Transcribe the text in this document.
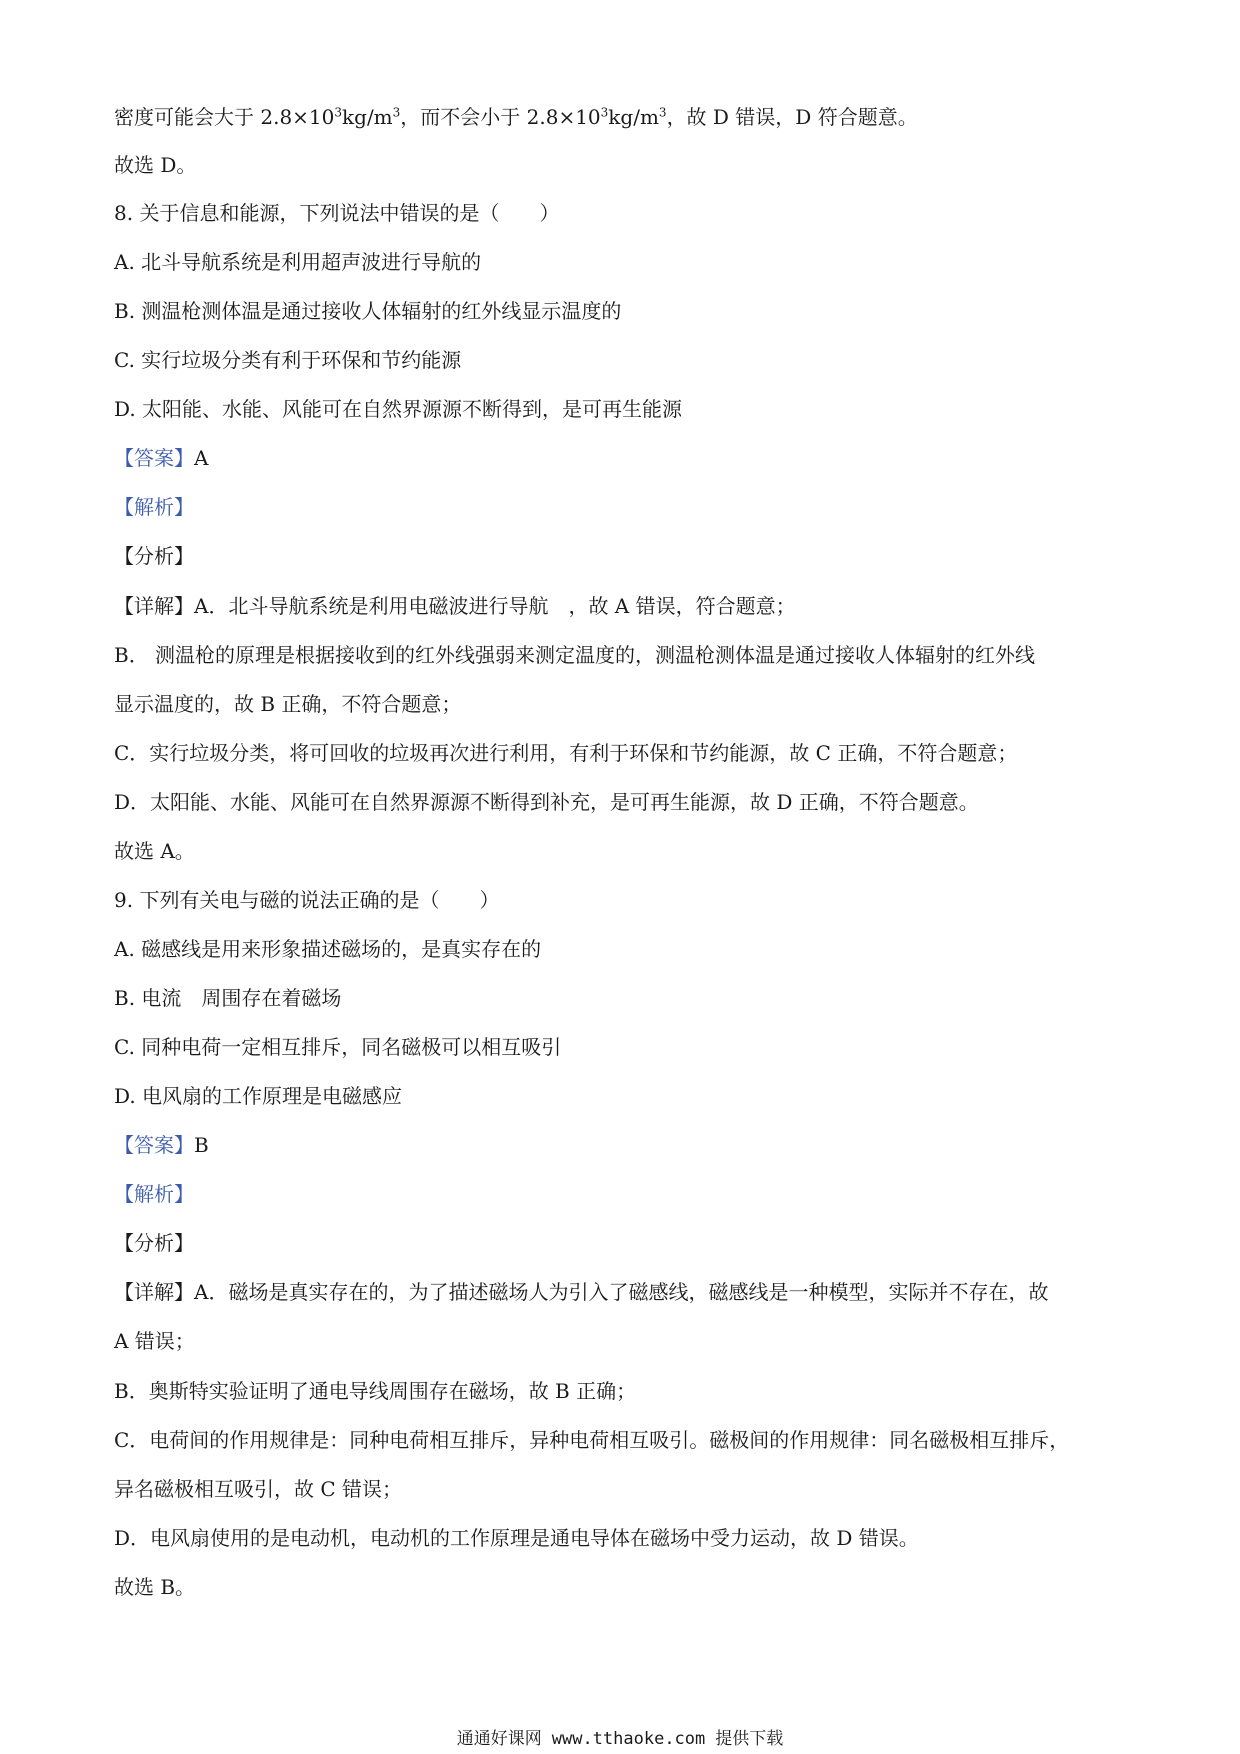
密度可能会大于 $2.8\times 10^3kg/m^3$，而不会小于 $2.8\times 10^3kg/m^3$，故 D 错误，D 符合题意。
故选 D。
8. 关于信息和能源，下列说法中错误的是（　　）
A. 北斗导航系统是利用超声波进行导航的
B. 测温枪测体温是通过接收人体辐射的红外线显示温度的
C. 实行垃圾分类有利于环保和节约能源
D. 太阳能、水能、风能可在自然界源源不断得到，是可再生能源
【答案】A
【解析】
【分析】
【详解】A．北斗导航系统是利用电磁波进行导航　，故 A 错误，符合题意；
B． 测温枪的原理是根据接收到的红外线强弱来测定温度的，测温枪测体温是通过接收人体辐射的红外线
显示温度的，故 B 正确，不符合题意；
C．实行垃圾分类，将可回收的垃圾再次进行利用，有利于环保和节约能源，故 C 正确，不符合题意；
D．太阳能、水能、风能可在自然界源源不断得到补充，是可再生能源，故 D 正确，不符合题意。
故选 A。
9. 下列有关电与磁的说法正确的是（　　）
A. 磁感线是用来形象描述磁场的，是真实存在的
B. 电流　周围存在着磁场
C. 同种电荷一定相互排斥，同名磁极可以相互吸引
D. 电风扇的工作原理是电磁感应
【答案】B
【解析】
【分析】
【详解】A．磁场是真实存在的，为了描述磁场人为引入了磁感线，磁感线是一种模型，实际并不存在，故
A 错误；
B．奥斯特实验证明了通电导线周围存在磁场，故 B 正确；
C．电荷间的作用规律是：同种电荷相互排斥，异种电荷相互吸引。磁极间的作用规律：同名磁极相互排斥，
异名磁极相互吸引，故 C 错误；
D．电风扇使用的是电动机，电动机的工作原理是通电导体在磁场中受力运动，故 D 错误。
故选 B。
通通好课网 www.tthaoke.com 提供下载
